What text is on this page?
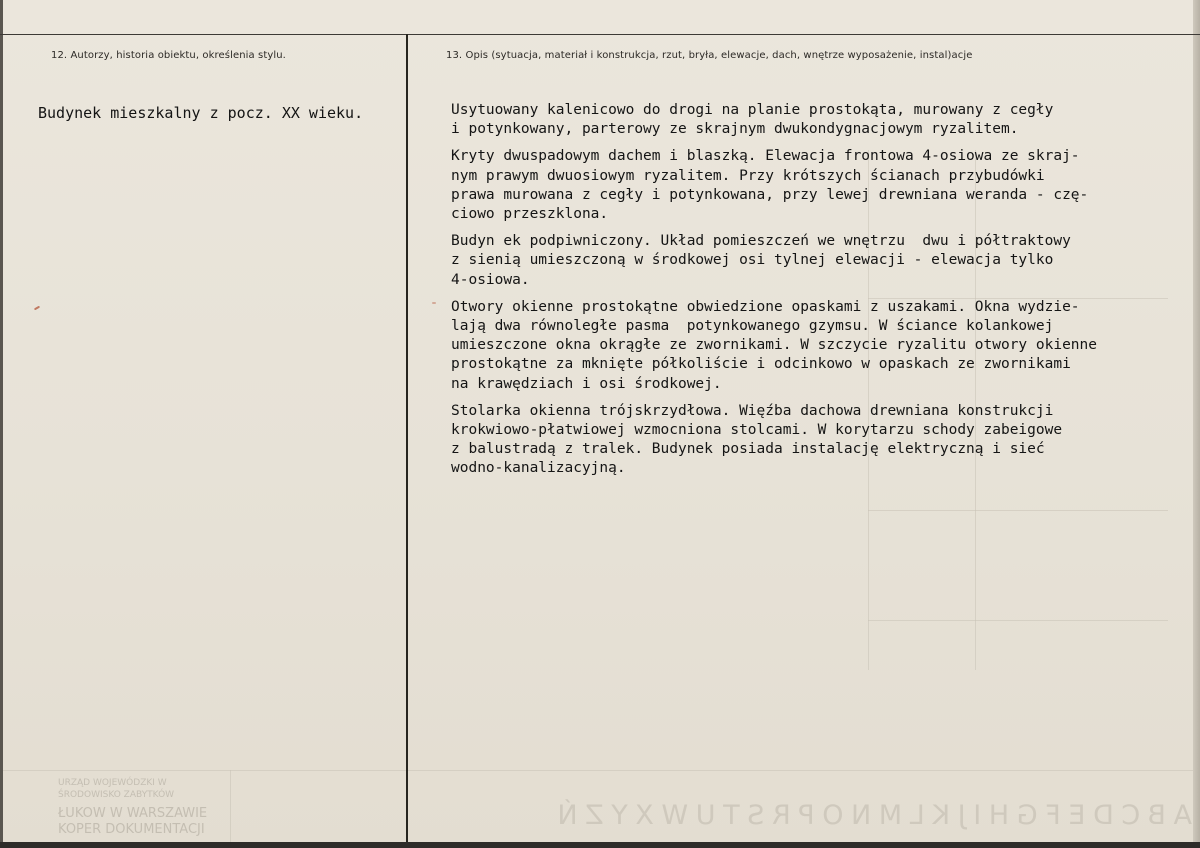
URZĄD WOJEWÓDZKI W
ŚRODOWISKO ZABYTKÓW
ŁUKOW W WARSZAWIE
KOPER DOKUMENTACJI	ABCDEFGHIJKLMNOPRSTUWXYZŃ
12. Autorzy, historia obiektu, określenia stylu.	13. Opis (sytuacja, materiał i konstrukcja, rzut, bryła, elewacje, dach, wnętrze wyposażenie, instal)acje
Budynek mieszkalny z pocz. XX wieku.	Usytuowany kalenicowo do drogi na planie prostokąta, murowany z cegły
i potynkowany, parterowy ze skrajnym dwukondygnacjowym ryzalitem.
Kryty dwuspadowym dachem i blaszką. Elewacja frontowa 4-osiowa ze skraj-
nym prawym dwuosiowym ryzalitem. Przy krótszych ścianach przybudówki
prawa murowana z cegły i potynkowana, przy lewej drewniana weranda - czę-
ciowo przeszklona.
Budyn ek podpiwniczony. Układ pomieszczeń we wnętrzu  dwu i półtraktowy
z sienią umieszczoną w środkowej osi tylnej elewacji - elewacja tylko
4-osiowa.
Otwory okienne prostokątne obwiedzione opaskami z uszakami. Okna wydzie-
lają dwa równoległe pasma  potynkowanego gzymsu. W ściance kolankowej
umieszczone okna okrągłe ze zwornikami. W szczycie ryzalitu otwory okienne
prostokątne za mknięte półkoliście i odcinkowo w opaskach ze zwornikami
na krawędziach i osi środkowej.
Stolarka okienna trójskrzydłowa. Więźba dachowa drewniana konstrukcji
krokwiowo-płatwiowej wzmocniona stolcami. W korytarzu schody zabeigowe
z balustradą z tralek. Budynek posiada instalację elektryczną i sieć
wodno-kanalizacyjną.
